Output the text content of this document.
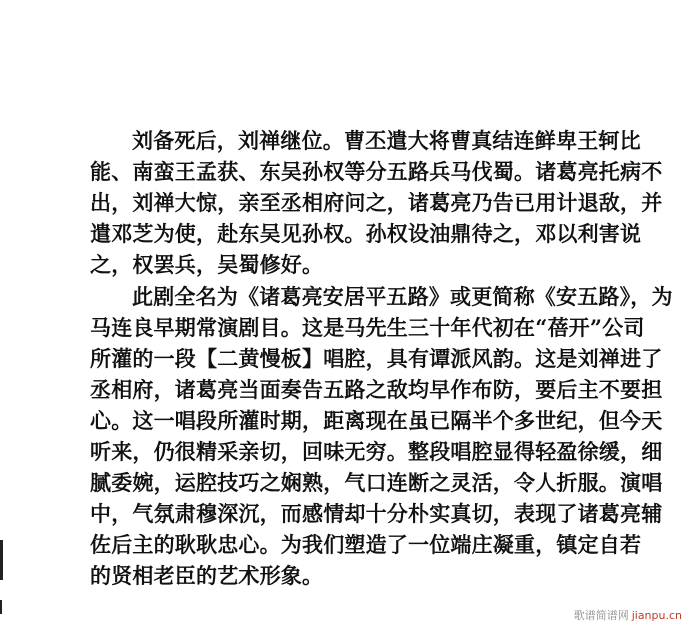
刘备死后，刘禅继位。曹丕遣大将曹真结连鲜卑王轲比
能、南蛮王孟获、东吴孙权等分五路兵马伐蜀。诸葛亮托病不
出，刘禅大惊，亲至丞相府问之，诸葛亮乃告已用计退敌，并
遣邓芝为使，赴东吴见孙权。孙权设油鼎待之，邓以利害说
之，权罢兵，吴蜀修好。
此剧全名为《诸葛亮安居平五路》或更简称《安五路》，为
马连良早期常演剧目。这是马先生三十年代初在“蓓开”公司
所灌的一段【二黄慢板】唱腔，具有谭派风韵。这是刘禅进了
丞相府，诸葛亮当面奏告五路之敌均早作布防，要后主不要担
心。这一唱段所灌时期，距离现在虽已隔半个多世纪，但今天
听来，仍很精采亲切，回味无穷。整段唱腔显得轻盈徐缓，细
腻委婉，运腔技巧之娴熟，气口连断之灵活，令人折服。演唱
中，气氛肃穆深沉，而感情却十分朴实真切，表现了诸葛亮辅
佐后主的耿耿忠心。为我们塑造了一位端庄凝重，镇定自若
的贤相老臣的艺术形象。
歌谱简谱网 jianpu.cn
